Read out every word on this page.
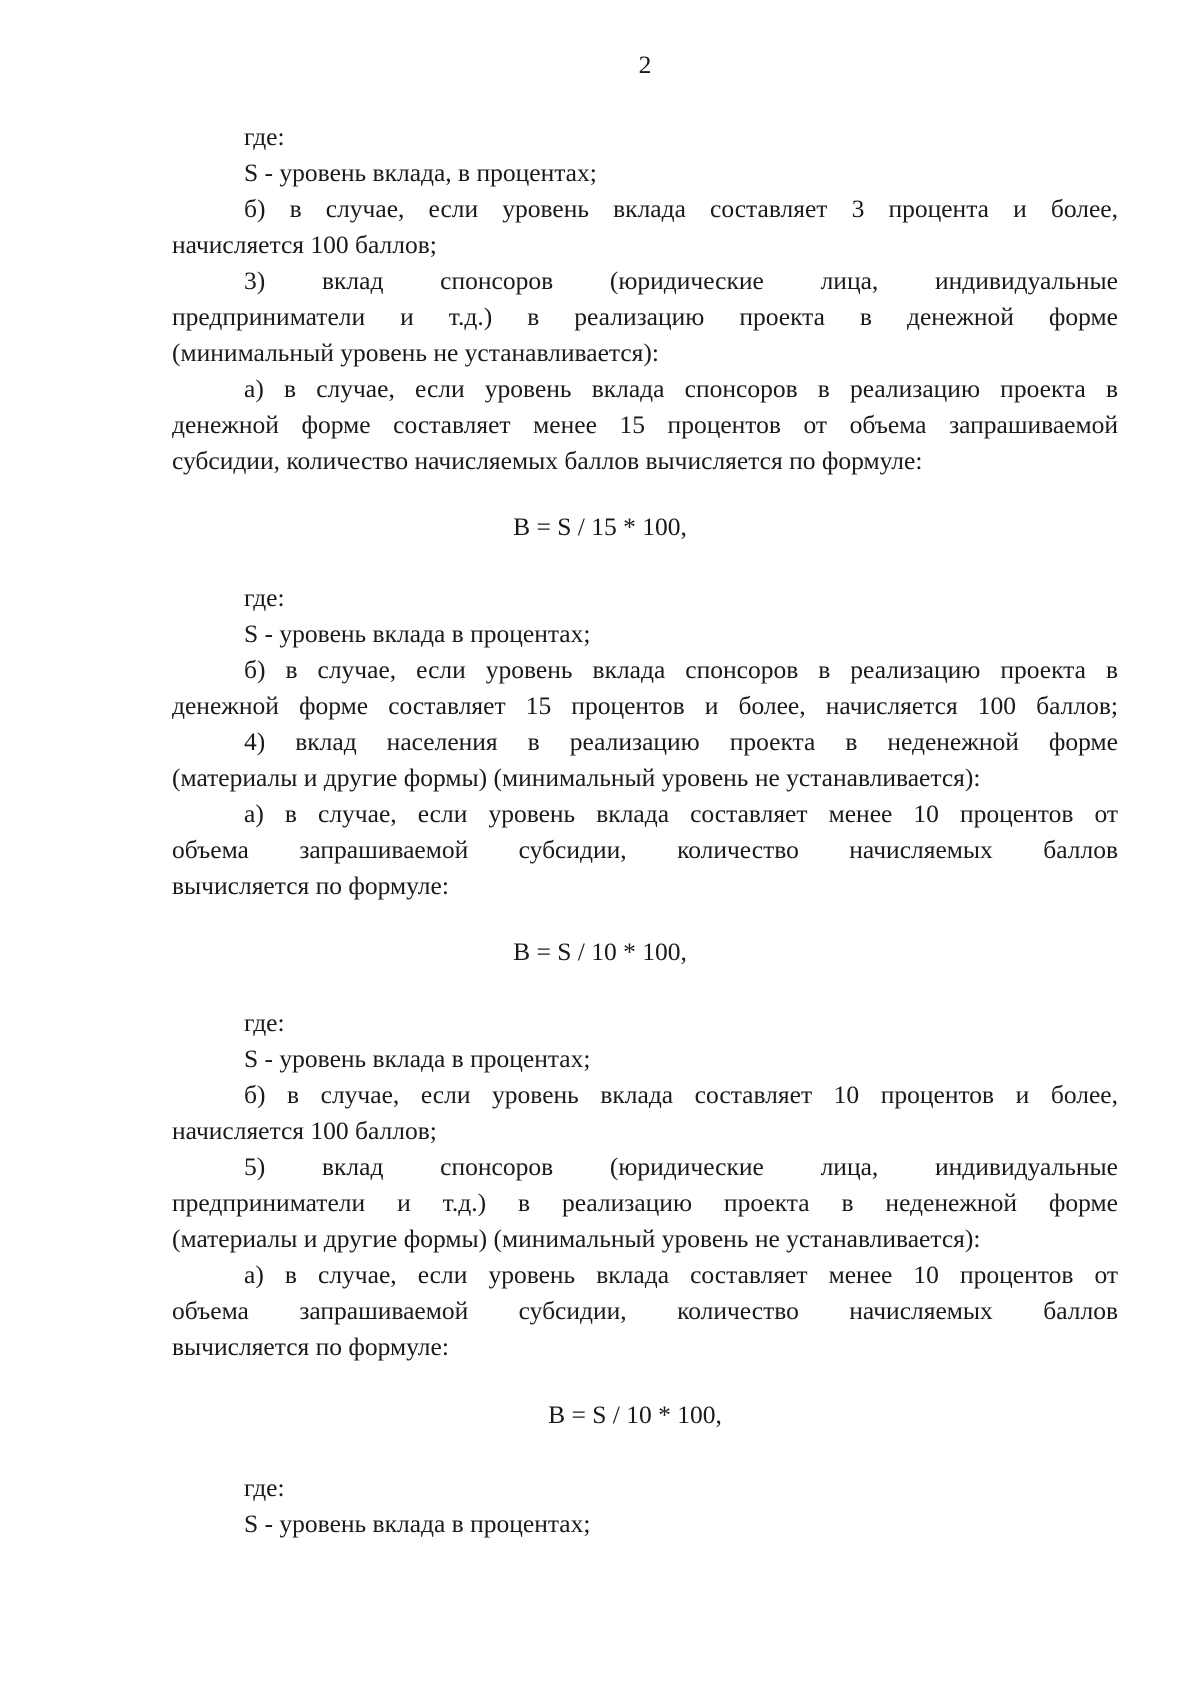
2
где:
S - уровень вклада, в процентах;
б) в случае, если уровень вклада составляет 3 процента и более,
начисляется 100 баллов;
3) вклад спонсоров (юридические лица, индивидуальные
предприниматели и т.д.) в реализацию проекта в денежной форме
(минимальный уровень не устанавливается):
а) в случае, если уровень вклада спонсоров в реализацию проекта в
денежной форме составляет менее 15 процентов от объема запрашиваемой
субсидии, количество начисляемых баллов вычисляется по формуле:
B = S / 15 * 100,
где:
S - уровень вклада в процентах;
б) в случае, если уровень вклада спонсоров в реализацию проекта в
денежной форме составляет 15 процентов и более, начисляется 100 баллов;
4) вклад населения в реализацию проекта в неденежной форме
(материалы и другие формы) (минимальный уровень не устанавливается):
а) в случае, если уровень вклада составляет менее 10 процентов от
объема запрашиваемой субсидии, количество начисляемых баллов
вычисляется по формуле:
B = S / 10 * 100,
где:
S - уровень вклада в процентах;
б) в случае, если уровень вклада составляет 10 процентов и более,
начисляется 100 баллов;
5) вклад спонсоров (юридические лица, индивидуальные
предприниматели и т.д.) в реализацию проекта в неденежной форме
(материалы и другие формы) (минимальный уровень не устанавливается):
а) в случае, если уровень вклада составляет менее 10 процентов от
объема запрашиваемой субсидии, количество начисляемых баллов
вычисляется по формуле:
B = S / 10 * 100,
где:
S - уровень вклада в процентах;
